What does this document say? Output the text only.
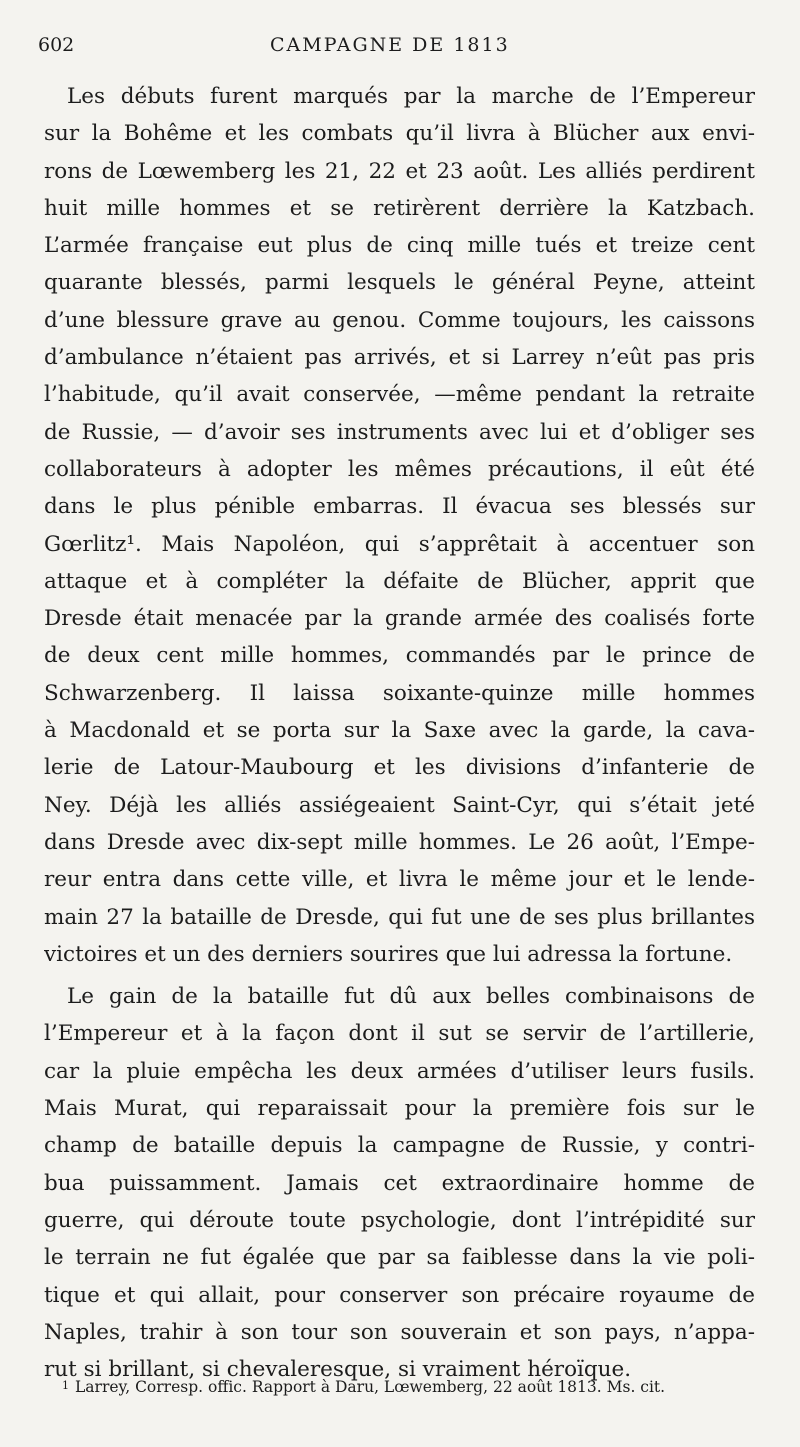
602	CAMPAGNE DE 1813
Les débuts furent marqués par la marche de l’Empereur
sur la Bohême et les combats qu’il livra à Blücher aux envi-
rons de Lœwemberg les 21, 22 et 23 août. Les alliés perdirent
huit mille hommes et se retirèrent derrière la Katzbach.
L’armée française eut plus de cinq mille tués et treize cent
quarante blessés, parmi lesquels le général Peyne, atteint
d’une blessure grave au genou. Comme toujours, les caissons
d’ambulance n’étaient pas arrivés, et si Larrey n’eût pas pris
l’habitude, qu’il avait conservée, —même pendant la retraite
de Russie, — d’avoir ses instruments avec lui et d’obliger ses
collaborateurs à adopter les mêmes précautions, il eût été
dans le plus pénible embarras. Il évacua ses blessés sur
Gœrlitz¹. Mais Napoléon, qui s’apprêtait à accentuer son
attaque et à compléter la défaite de Blücher, apprit que
Dresde était menacée par la grande armée des coalisés forte
de deux cent mille hommes, commandés par le prince de
Schwarzenberg. Il laissa soixante-quinze mille hommes
à Macdonald et se porta sur la Saxe avec la garde, la cava-
lerie de Latour-Maubourg et les divisions d’infanterie de
Ney. Déjà les alliés assiégeaient Saint-Cyr, qui s’était jeté
dans Dresde avec dix-sept mille hommes. Le 26 août, l’Empe-
reur entra dans cette ville, et livra le même jour et le lende-
main 27 la bataille de Dresde, qui fut une de ses plus brillantes
victoires et un des derniers sourires que lui adressa la fortune.
Le gain de la bataille fut dû aux belles combinaisons de
l’Empereur et à la façon dont il sut se servir de l’artillerie,
car la pluie empêcha les deux armées d’utiliser leurs fusils.
Mais Murat, qui reparaissait pour la première fois sur le
champ de bataille depuis la campagne de Russie, y contri-
bua puissamment. Jamais cet extraordinaire homme de
guerre, qui déroute toute psychologie, dont l’intrépidité sur
le terrain ne fut égalée que par sa faiblesse dans la vie poli-
tique et qui allait, pour conserver son précaire royaume de
Naples, trahir à son tour son souverain et son pays, n’appa-
rut si brillant, si chevaleresque, si vraiment héroïque.
1 Larrey, Corresp. offic. Rapport à Daru, Lœwemberg, 22 août 1813. Ms. cit.
